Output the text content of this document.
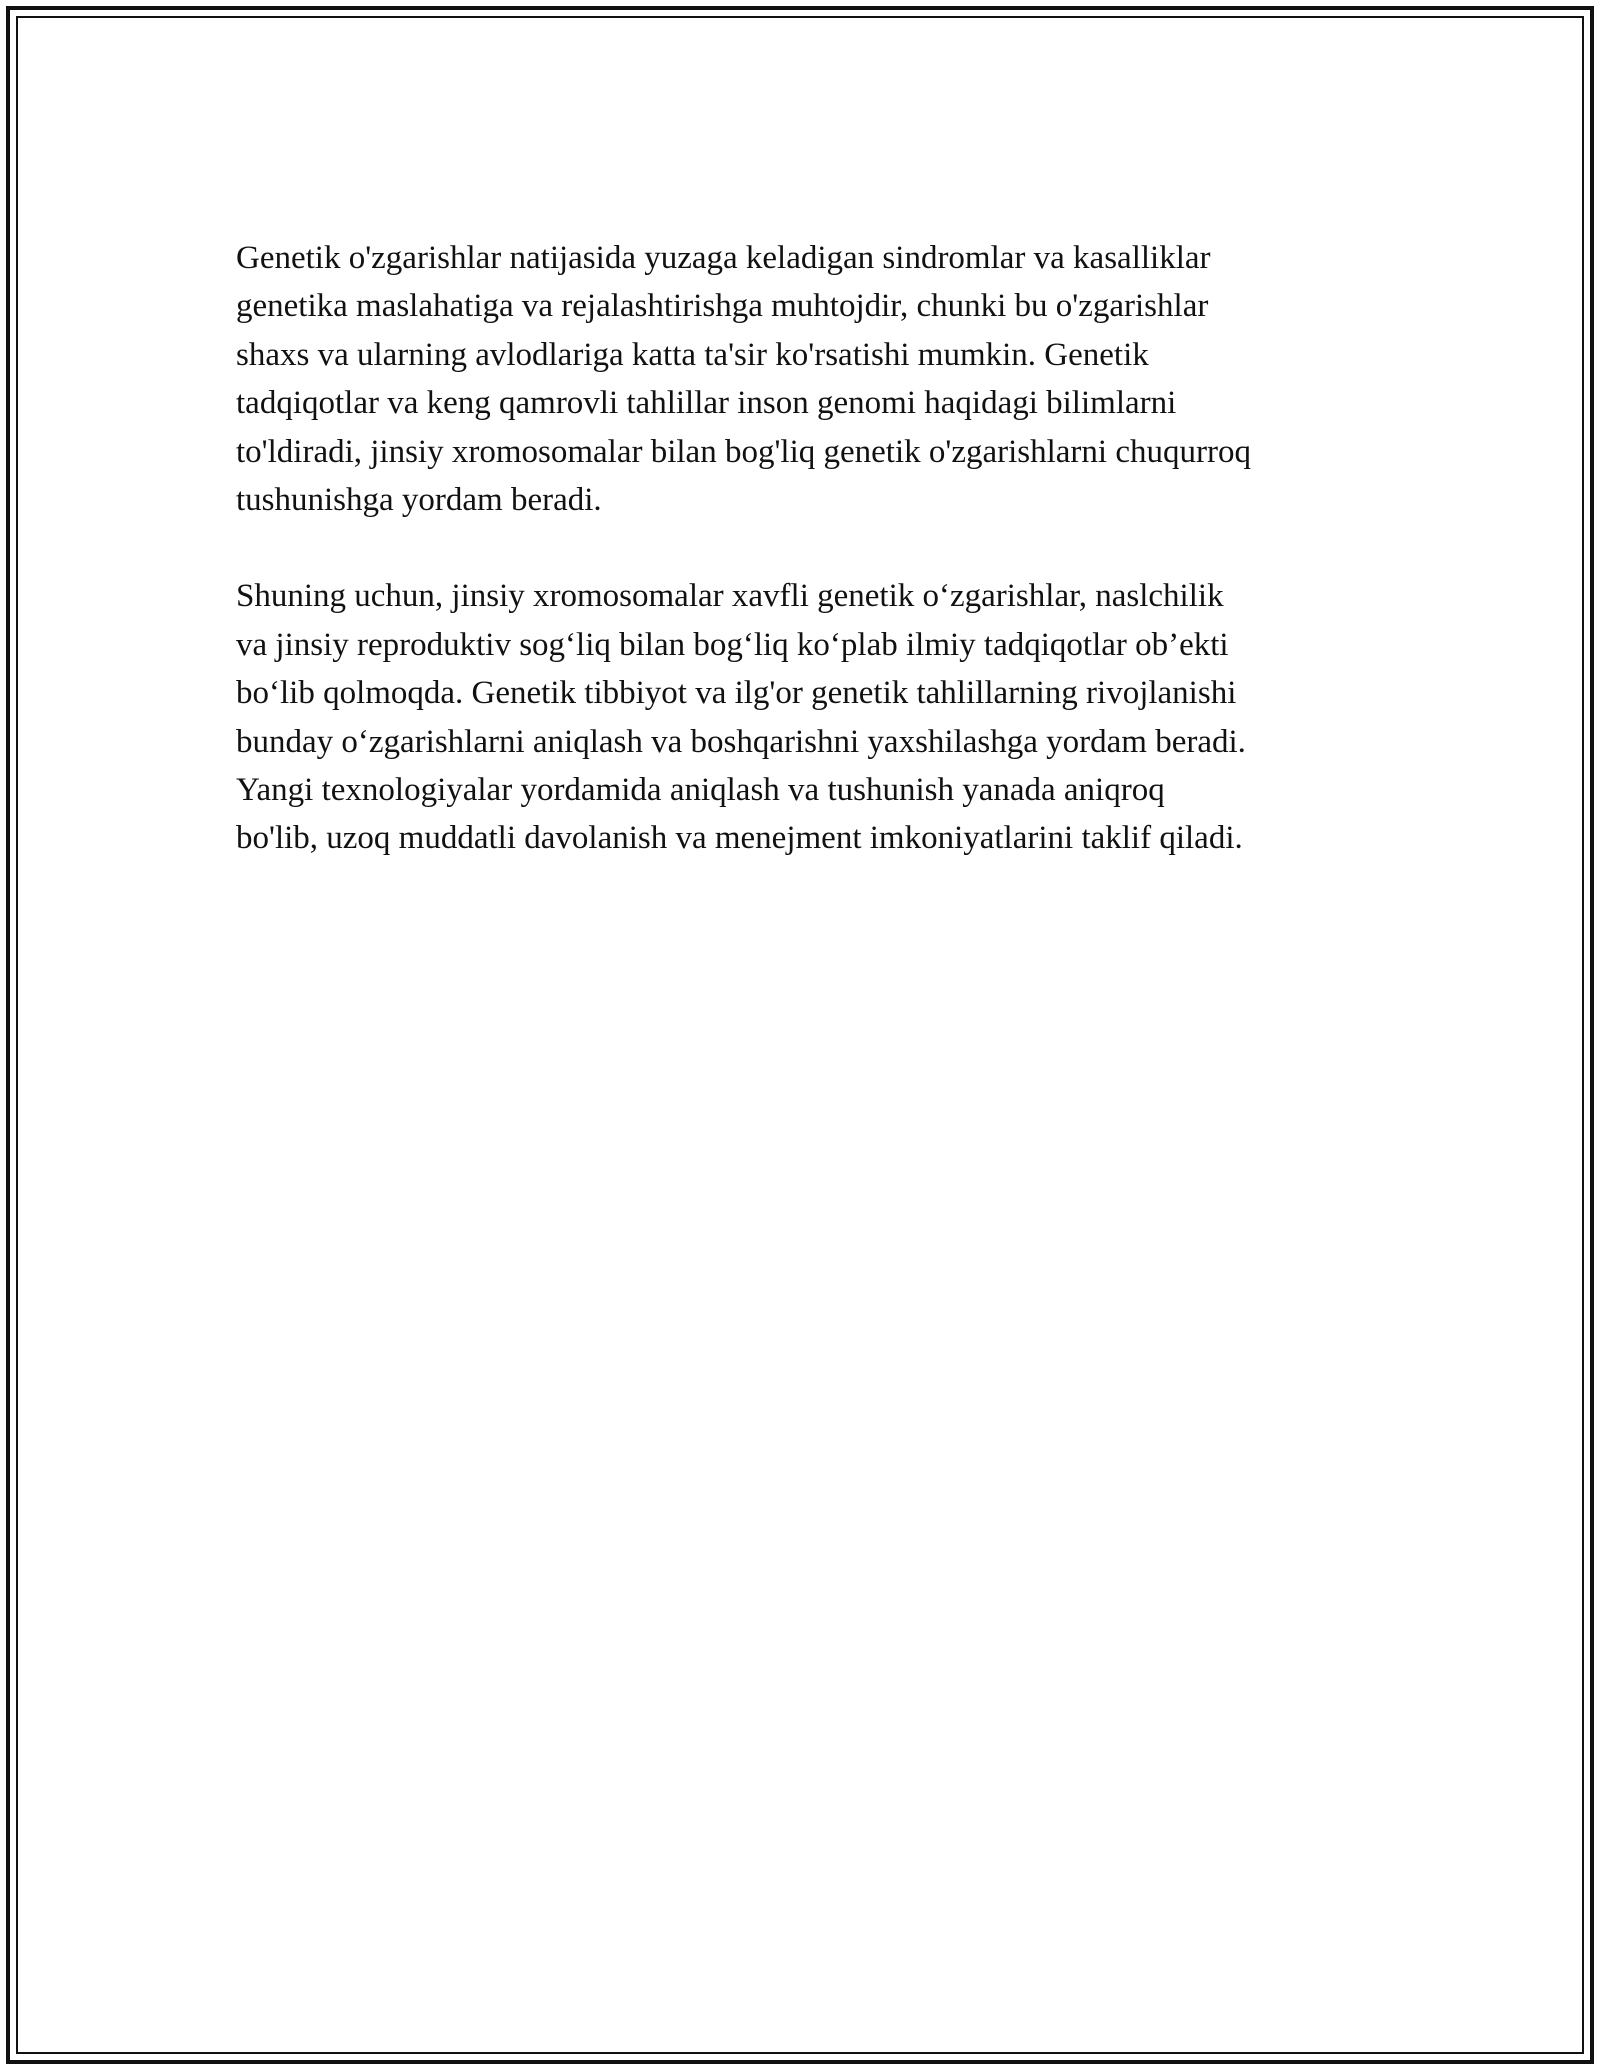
Genetik o'zgarishlar natijasida yuzaga keladigan sindromlar va kasalliklar
genetika maslahatiga va rejalashtirishga muhtojdir, chunki bu o'zgarishlar
shaxs va ularning avlodlariga katta ta'sir ko'rsatishi mumkin. Genetik
tadqiqotlar va keng qamrovli tahlillar inson genomi haqidagi bilimlarni
to'ldiradi, jinsiy xromosomalar bilan bog'liq genetik o'zgarishlarni chuqurroq
tushunishga yordam beradi.

Shuning uchun, jinsiy xromosomalar xavfli genetik o‘zgarishlar, naslchilik
va jinsiy reproduktiv sog‘liq bilan bog‘liq ko‘plab ilmiy tadqiqotlar ob’ekti
bo‘lib qolmoqda. Genetik tibbiyot va ilg'or genetik tahlillarning rivojlanishi
bunday o‘zgarishlarni aniqlash va boshqarishni yaxshilashga yordam beradi.
Yangi texnologiyalar yordamida aniqlash va tushunish yanada aniqroq
bo'lib, uzoq muddatli davolanish va menejment imkoniyatlarini taklif qiladi.
